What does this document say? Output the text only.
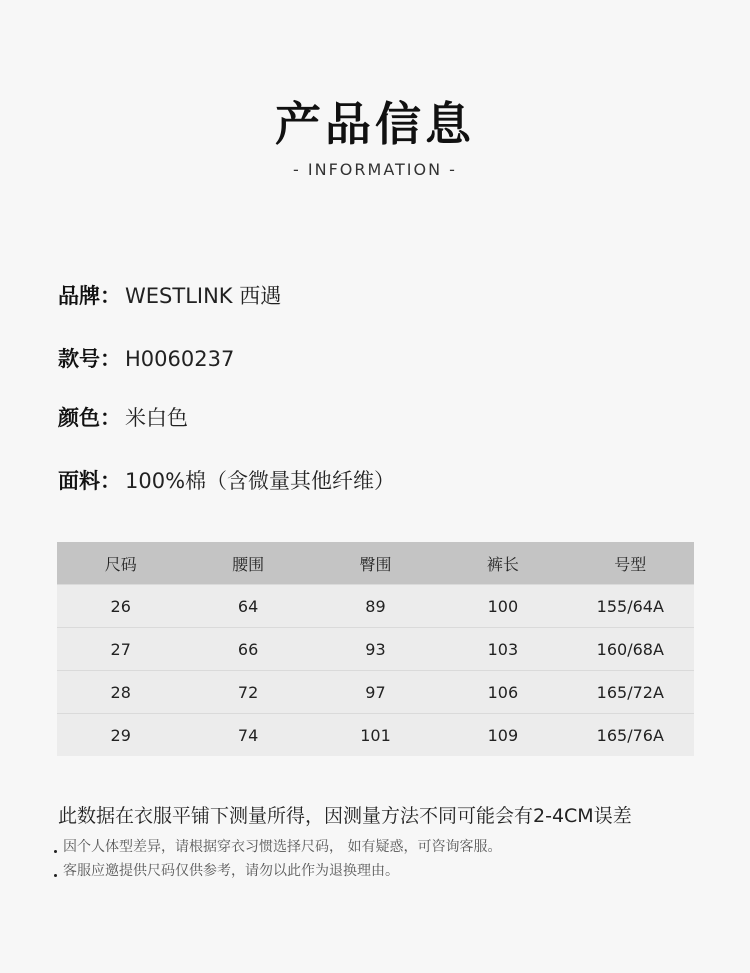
产品信息
- INFORMATION -
品牌： WESTLINK 西遇
款号： H0060237
颜色： 米白色
面料： 100%棉（含微量其他纤维）
尺码	腰围	臀围	裤长	号型
26	64	89	100	155/64A
27	66	93	103	160/68A
28	72	97	106	165/72A
29	74	101	109	165/76A
此数据在衣服平铺下测量所得，因测量方法不同可能会有2-4CM误差
因个人体型差异，请根据穿衣习惯选择尺码， 如有疑惑，可咨询客服。
客服应邀提供尺码仅供参考，请勿以此作为退换理由。
